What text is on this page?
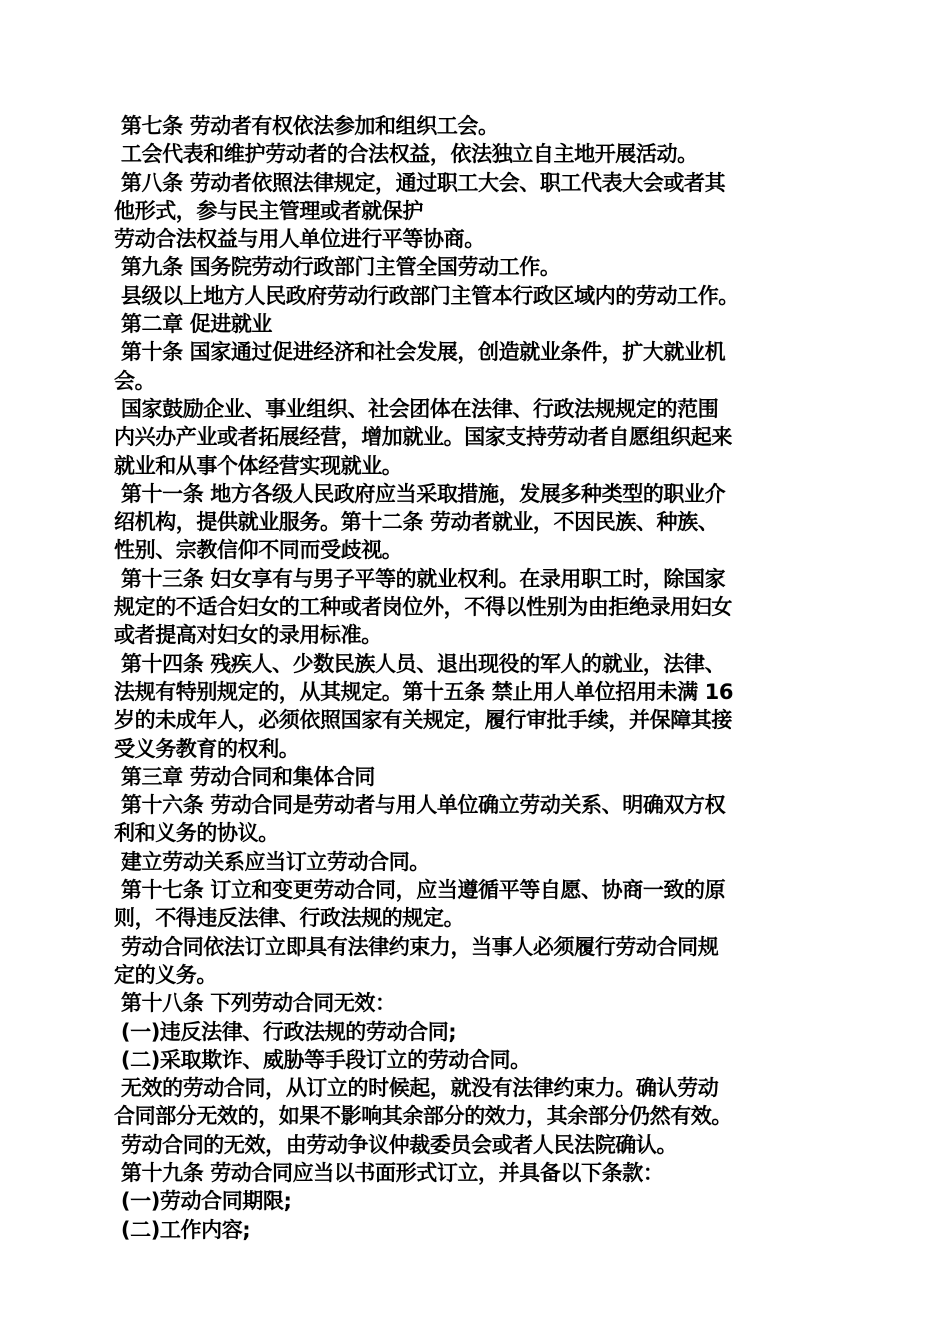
第七条 劳动者有权依法参加和组织工会。
工会代表和维护劳动者的合法权益，依法独立自主地开展活动。
第八条 劳动者依照法律规定，通过职工大会、职工代表大会或者其
他形式，参与民主管理或者就保护
劳动合法权益与用人单位进行平等协商。
第九条 国务院劳动行政部门主管全国劳动工作。
县级以上地方人民政府劳动行政部门主管本行政区域内的劳动工作。
第二章 促进就业
第十条 国家通过促进经济和社会发展，创造就业条件，扩大就业机
会。
国家鼓励企业、事业组织、社会团体在法律、行政法规规定的范围
内兴办产业或者拓展经营，增加就业。国家支持劳动者自愿组织起来
就业和从事个体经营实现就业。
第十一条 地方各级人民政府应当采取措施，发展多种类型的职业介
绍机构，提供就业服务。第十二条 劳动者就业，不因民族、种族、
性别、宗教信仰不同而受歧视。
第十三条 妇女享有与男子平等的就业权利。在录用职工时，除国家
规定的不适合妇女的工种或者岗位外，不得以性别为由拒绝录用妇女
或者提高对妇女的录用标准。
第十四条 残疾人、少数民族人员、退出现役的军人的就业，法律、
法规有特别规定的，从其规定。第十五条 禁止用人单位招用未满 16
岁的未成年人，必须依照国家有关规定，履行审批手续，并保障其接
受义务教育的权利。
第三章 劳动合同和集体合同
第十六条 劳动合同是劳动者与用人单位确立劳动关系、明确双方权
利和义务的协议。
建立劳动关系应当订立劳动合同。
第十七条 订立和变更劳动合同，应当遵循平等自愿、协商一致的原
则，不得违反法律、行政法规的规定。
劳动合同依法订立即具有法律约束力，当事人必须履行劳动合同规
定的义务。
第十八条 下列劳动合同无效：
(一)违反法律、行政法规的劳动合同;
(二)采取欺诈、威胁等手段订立的劳动合同。
无效的劳动合同，从订立的时候起，就没有法律约束力。确认劳动
合同部分无效的，如果不影响其余部分的效力，其余部分仍然有效。
劳动合同的无效，由劳动争议仲裁委员会或者人民法院确认。
第十九条 劳动合同应当以书面形式订立，并具备以下条款：
(一)劳动合同期限;
(二)工作内容;
